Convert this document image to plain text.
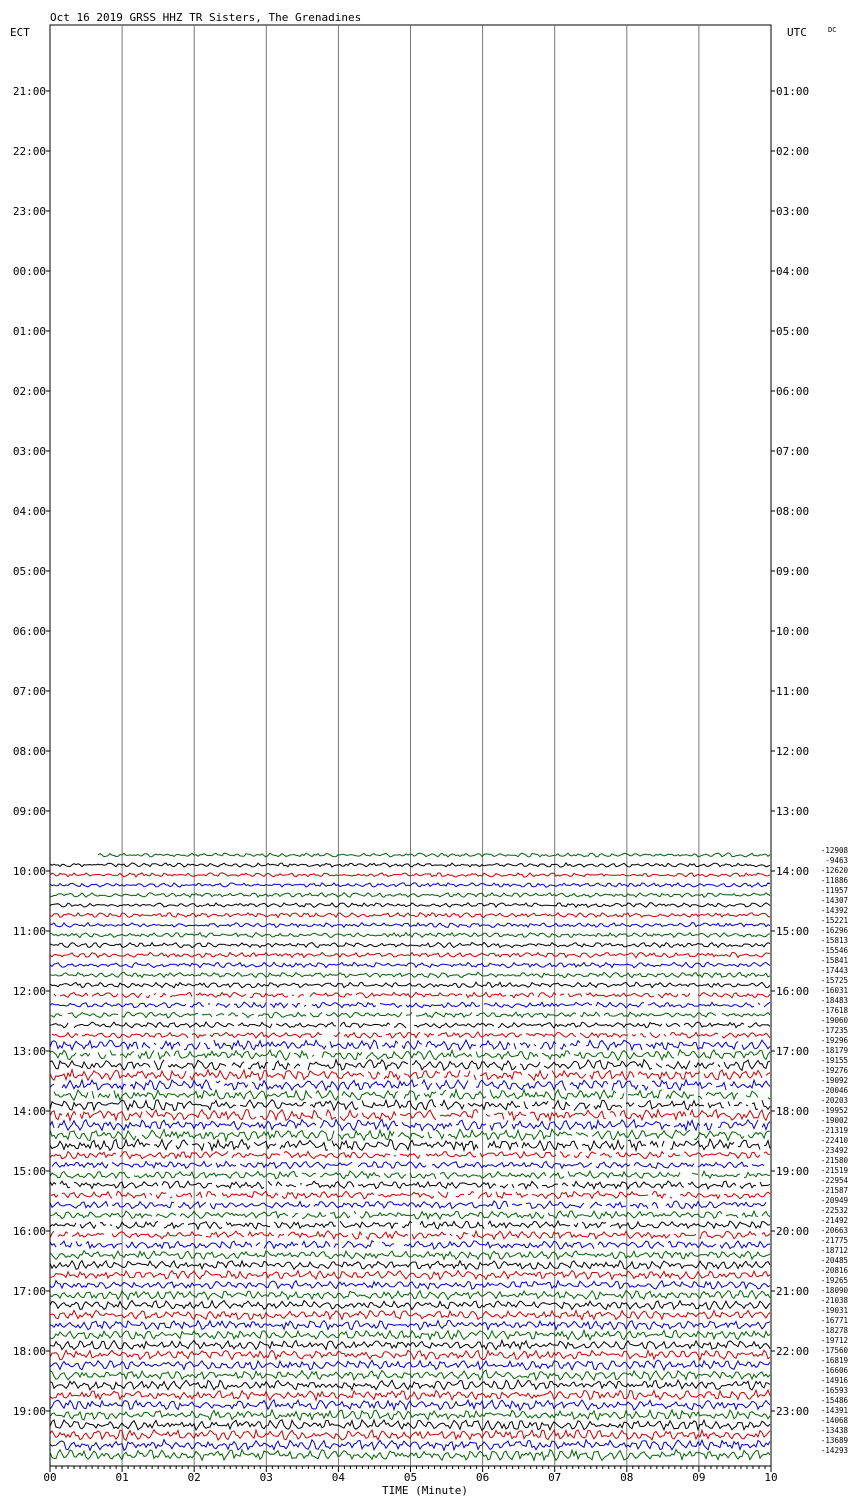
Oct 16 2019 GRSS HHZ TR Sisters, The Grenadines
ECT	UTC	DC
21:00
22:00
23:00
00:00
01:00
02:00
03:00
04:00
05:00
06:00
07:00
08:00
09:00
10:00
11:00
12:00
13:00
14:00
15:00
16:00
17:00
18:00
19:00
01:00
02:00
03:00
04:00
05:00
06:00
07:00
08:00
09:00
10:00
11:00
12:00
13:00
14:00
15:00
16:00
17:00
18:00
19:00
20:00
21:00
22:00
23:00
-12908
-9463
-12620
-11886
-11957
-14307
-14392
-15221
-16296
-15813
-15546
-15841
-17443
-15725
-16031
-18483
-17618
-19060
-17235
-19296
-18179
-19155
-19276
-19092
-20046
-20203
-19952
-19002
-21319
-22410
-23492
-21580
-21519
-22954
-21587
-20949
-22532
-21492
-20663
-21775
-18712
-20485
-20816
-19265
-18090
-21038
-19031
-16771
-18278
-19712
-17560
-16819
-16606
-14916
-16593
-15486
-14391
-14068
-13438
-13689
-14293
00	01	02	03	04	05	06	07	08	09	10
TIME (Minute)
